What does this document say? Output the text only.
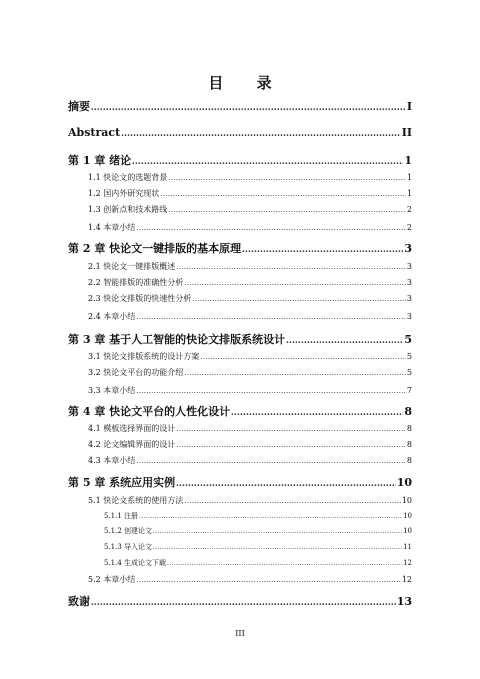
目 录
摘要 .....	I
Abstract .....	II
第 1 章 绪论 .....	1
1.1 快论文的选题背景 .....	1
1.2 国内外研究现状 .....	1
1.3 创新点和技术路线 .....	2
1.4 本章小结 .....	2
第 2 章 快论文一键排版的基本原理 .....	3
2.1 快论文一键排版概述 .....	3
2.2 智能排版的准确性分析 .....	3
2.3 快论文排版的快速性分析 .....	3
2.4 本章小结 .....	3
第 3 章 基于人工智能的快论文排版系统设计 .....	5
3.1 快论文排版系统的设计方案 .....	5
3.2 快论文平台的功能介绍 .....	5
3.3 本章小结 .....	7
第 4 章 快论文平台的人性化设计 .....	8
4.1 模板选择界面的设计 .....	8
4.2 论文编辑界面的设计 .....	8
4.3 本章小结 .....	8
第 5 章 系统应用实例 .....	10
5.1 快论文系统的使用方法 .....	10
5.1.1 注册 .....	10
5.1.2 创建论文 .....	10
5.1.3 导入论文 .....	11
5.1.4 生成论文下载 .....	12
5.2 本章小结 .....	12
致谢 .....	13
III
